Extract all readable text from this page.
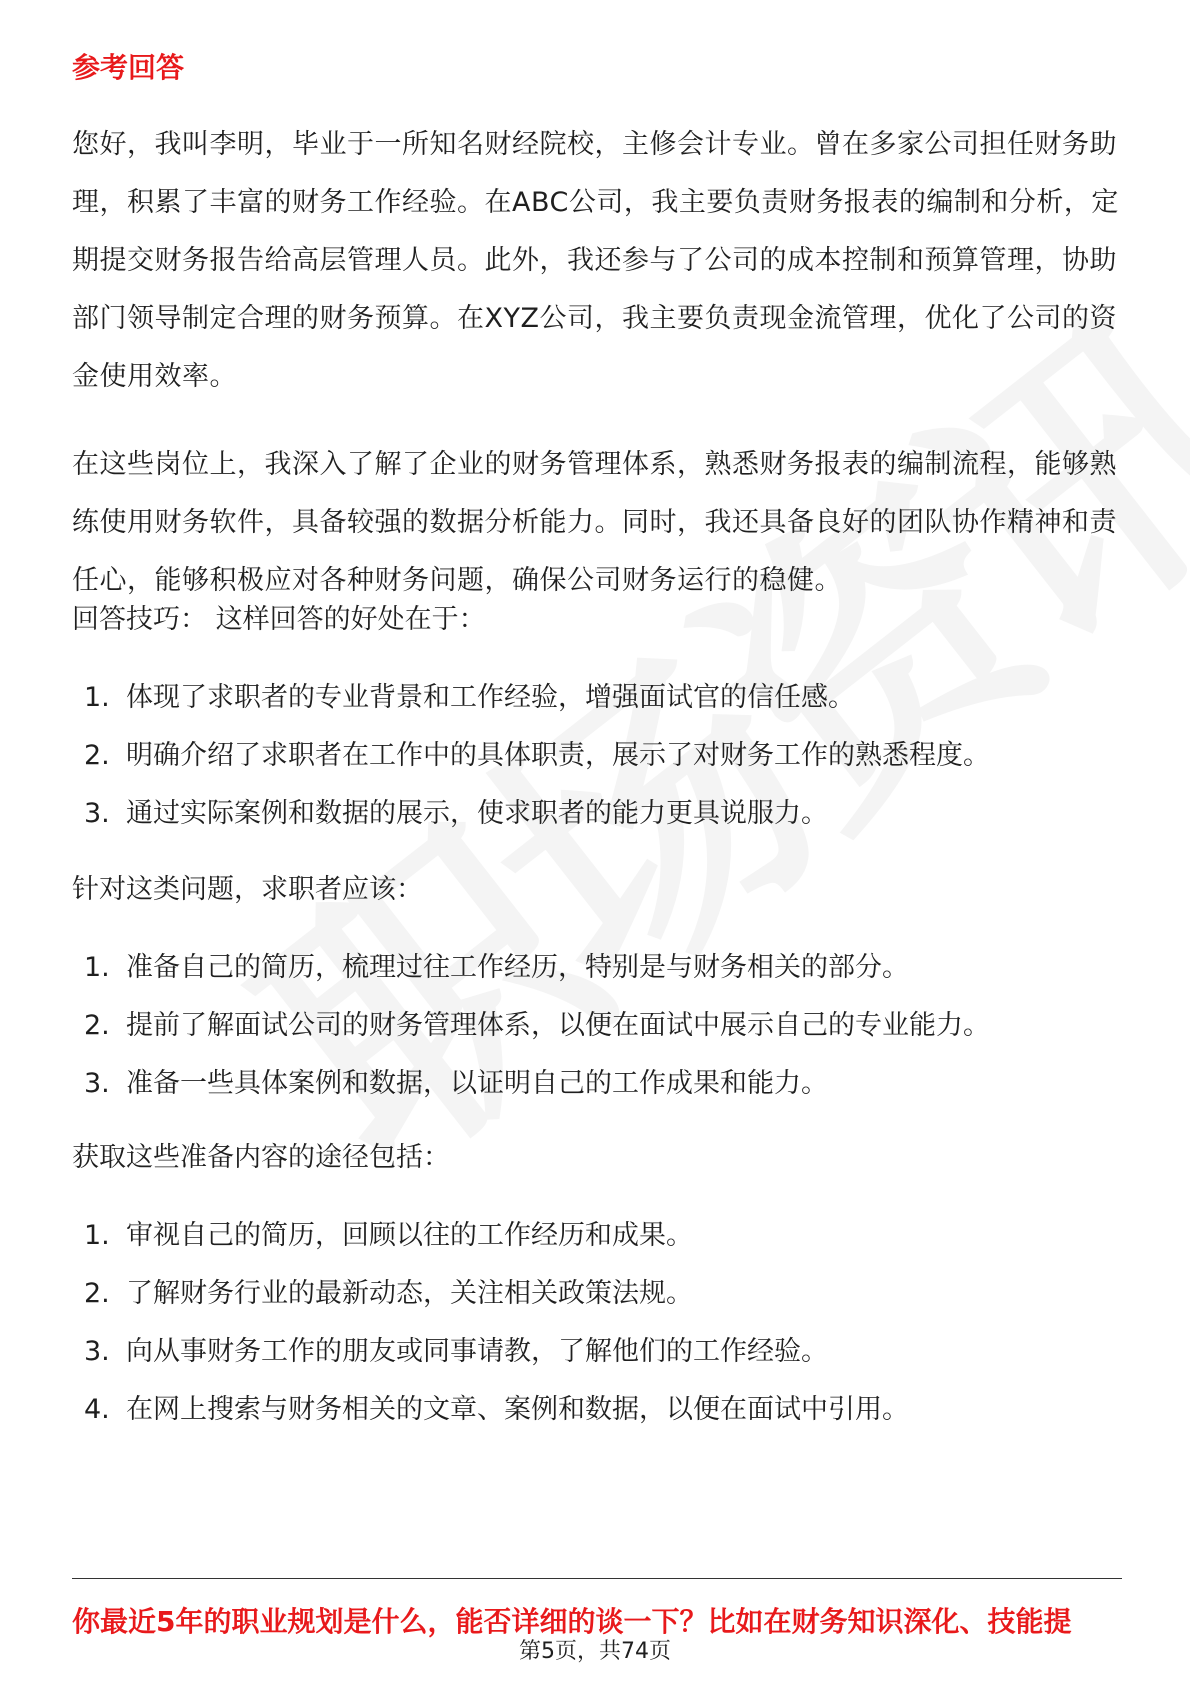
参考回答

您好，我叫李明，毕业于一所知名财经院校，主修会计专业。曾在多家公司担任财务助理，积累了丰富的财务工作经验。在ABC公司，我主要负责财务报表的编制和分析，定期提交财务报告给高层管理人员。此外，我还参与了公司的成本控制和预算管理，协助部门领导制定合理的财务预算。在XYZ公司，我主要负责现金流管理，优化了公司的资金使用效率。

在这些岗位上，我深入了解了企业的财务管理体系，熟悉财务报表的编制流程，能够熟练使用财务软件，具备较强的数据分析能力。同时，我还具备良好的团队协作精神和责任心，能够积极应对各种财务问题，确保公司财务运行的稳健。

回答技巧： 这样回答的好处在于：
1. 体现了求职者的专业背景和工作经验，增强面试官的信任感。
2. 明确介绍了求职者在工作中的具体职责，展示了对财务工作的熟悉程度。
3. 通过实际案例和数据的展示，使求职者的能力更具说服力。
针对这类问题，求职者应该：
1. 准备自己的简历，梳理过往工作经历，特别是与财务相关的部分。
2. 提前了解面试公司的财务管理体系，以便在面试中展示自己的专业能力。
3. 准备一些具体案例和数据，以证明自己的工作成果和能力。
获取这些准备内容的途径包括：
1. 审视自己的简历，回顾以往的工作经历和成果。
2. 了解财务行业的最新动态，关注相关政策法规。
3. 向从事财务工作的朋友或同事请教，了解他们的工作经验。
4. 在网上搜索与财务相关的文章、案例和数据，以便在面试中引用。
你最近5年的职业规划是什么，能否详细的谈一下？比如在财务知识深化、技能提
第5页，共74页
